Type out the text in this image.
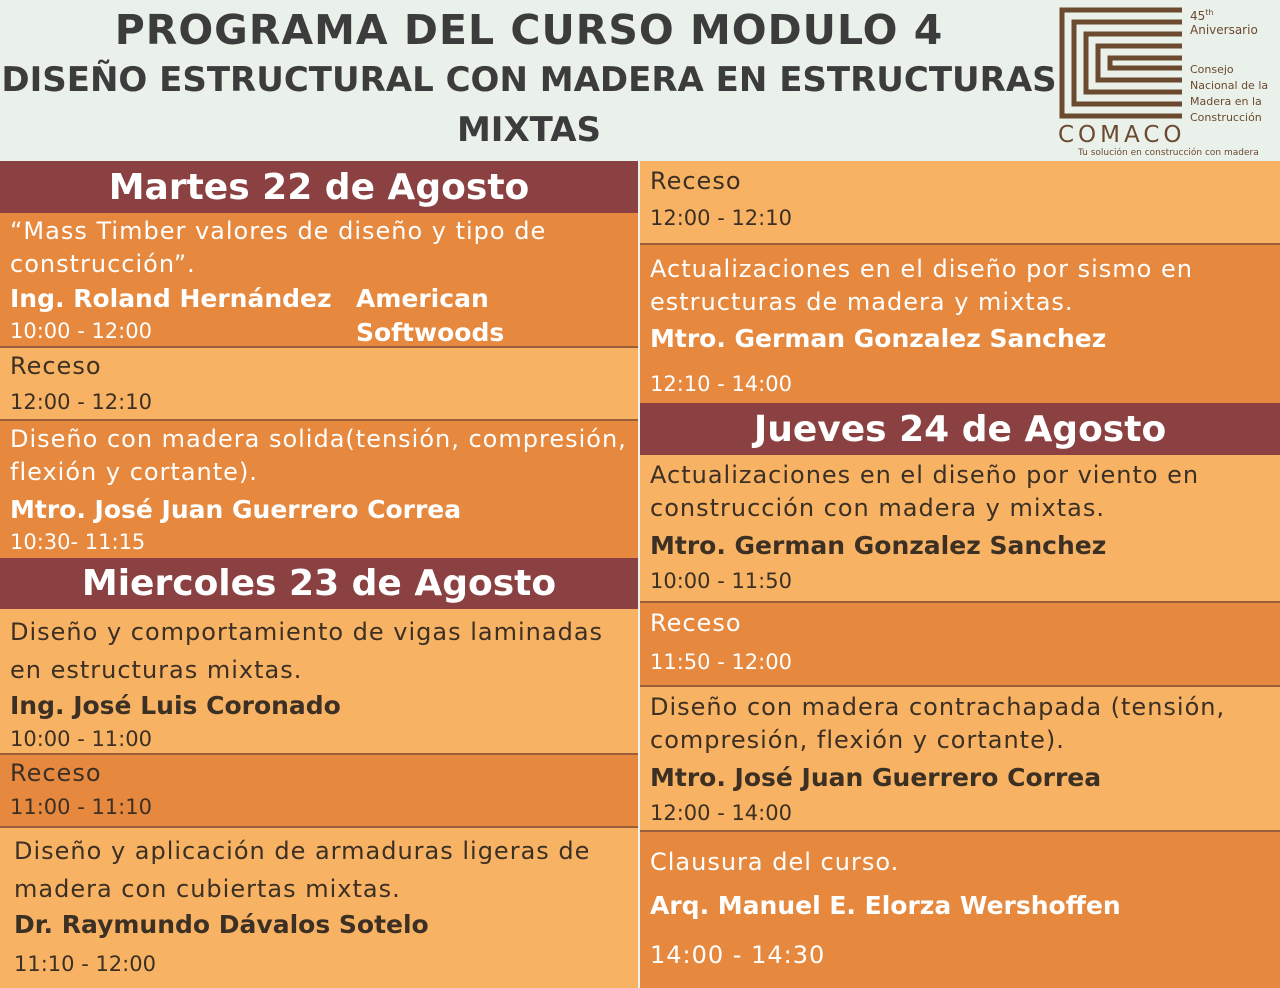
PROGRAMA DEL CURSO MODULO 4
DISEÑO ESTRUCTURAL CON MADERA EN ESTRUCTURAS
MIXTAS
45th
Aniversario
Consejo Nacional de la Madera en la Construcción
COMACO
Tu solución en construcción con madera
Martes 22 de Agosto
“Mass Timber valores de diseño y tipo de construcción”.
Ing. Roland Hernández American Softwoods
10:00 - 12:00
Receso
12:00 - 12:10
Diseño con madera solida(tensión, compresión, flexión y cortante).
Mtro. José Juan Guerrero Correa
10:30- 11:15
Miercoles 23 de Agosto
Diseño y comportamiento de vigas laminadas en estructuras mixtas.
Ing. José Luis Coronado
10:00 - 11:00
Receso
11:00 - 11:10
Diseño y aplicación de armaduras ligeras de madera con cubiertas mixtas.
Dr. Raymundo Dávalos Sotelo
11:10 - 12:00
Receso
12:00 - 12:10
Actualizaciones en el diseño por sismo en estructuras de madera y mixtas.
Mtro. German Gonzalez Sanchez
12:10 - 14:00
Jueves 24 de Agosto
Actualizaciones en el diseño por viento en construcción con madera y mixtas.
Mtro. German Gonzalez Sanchez
10:00 - 11:50
Receso
11:50 - 12:00
Diseño con madera contrachapada (tensión, compresión, flexión y cortante).
Mtro. José Juan Guerrero Correa
12:00 - 14:00
Clausura del curso.
Arq. Manuel E. Elorza Wershoffen
14:00 - 14:30
